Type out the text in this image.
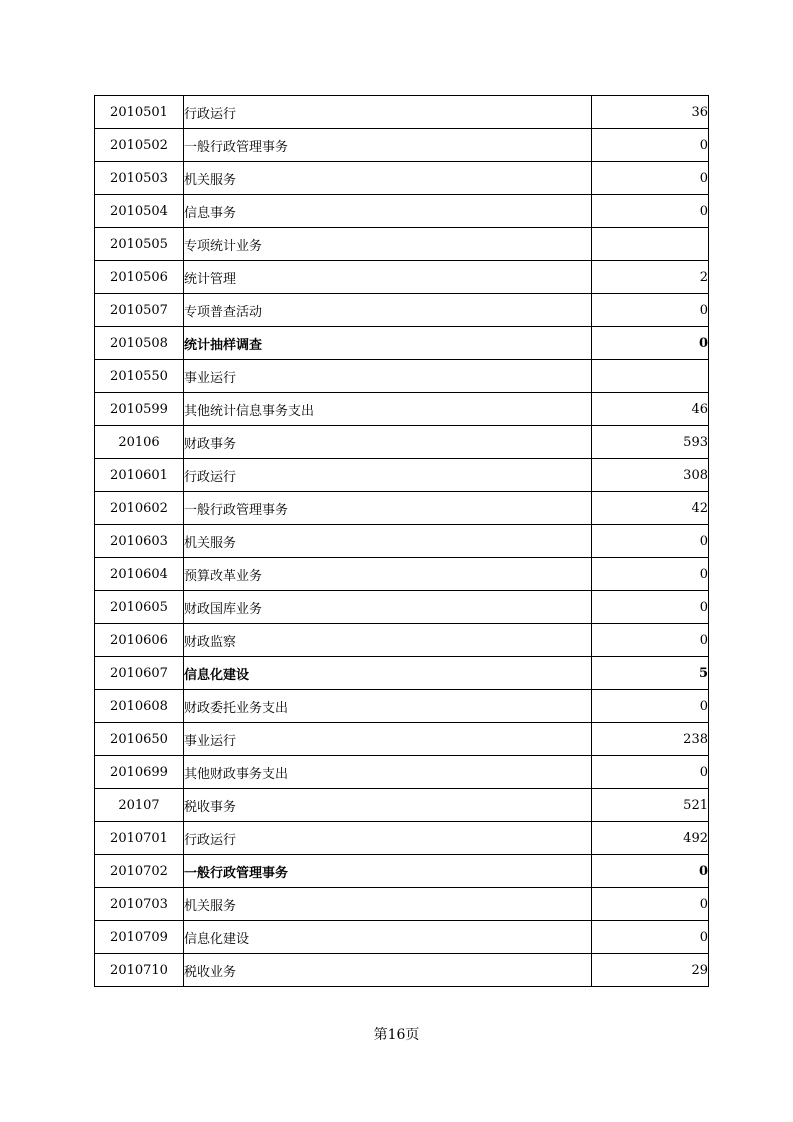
2010501	行政运行	36
2010502	一般行政管理事务	0
2010503	机关服务	0
2010504	信息事务	0
2010505	专项统计业务	
2010506	统计管理	2
2010507	专项普查活动	0
2010508	统计抽样调查	0
2010550	事业运行	
2010599	其他统计信息事务支出	46
20106	财政事务	593
2010601	行政运行	308
2010602	一般行政管理事务	42
2010603	机关服务	0
2010604	预算改革业务	0
2010605	财政国库业务	0
2010606	财政监察	0
2010607	信息化建设	5
2010608	财政委托业务支出	0
2010650	事业运行	238
2010699	其他财政事务支出	0
20107	税收事务	521
2010701	行政运行	492
2010702	一般行政管理事务	0
2010703	机关服务	0
2010709	信息化建设	0
2010710	税收业务	29
第16页
